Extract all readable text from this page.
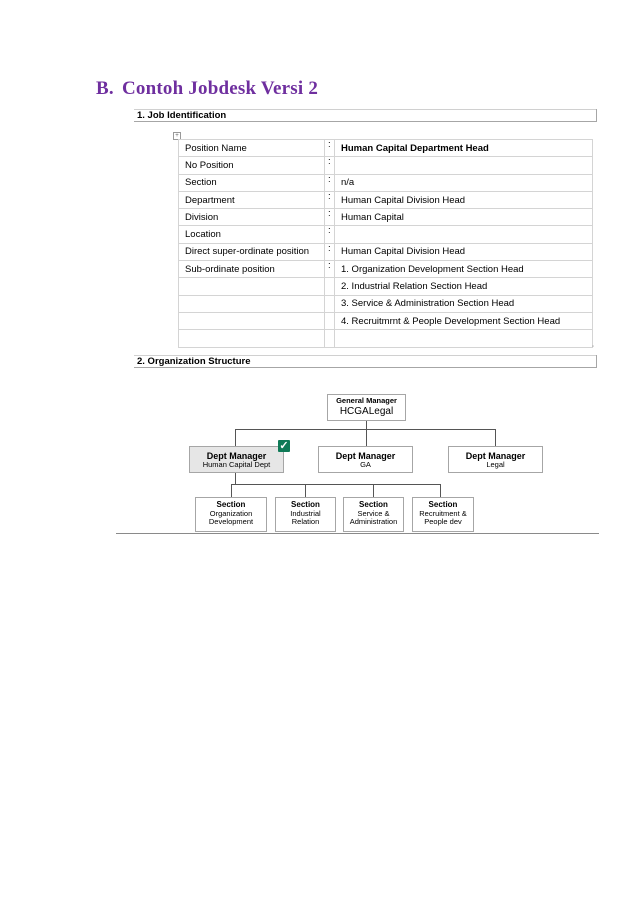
B. Contoh Jobdesk Versi 2
1. Job Identification
+
Position Name	:	Human Capital Department Head
No Position	:	
Section	:	n/a
Department	:	Human Capital Division Head
Division	:	Human Capital
Location	:	
Direct super-ordinate position	:	Human Capital Division Head
Sub-ordinate position	:	1. Organization Development Section Head
		2. Industrial Relation Section Head
		3. Service & Administration Section Head
		4. Recruitmrnt & People Development Section Head

▫
2. Organization Structure
General Manager
HCGALegal
Dept Manager
Human Capital Dept
✓
Dept Manager
GA
Dept Manager
Legal
Section
Organization
Development
Section
Industrial
Relation
Section
Service &
Administration
Section
Recruitment &
People dev
